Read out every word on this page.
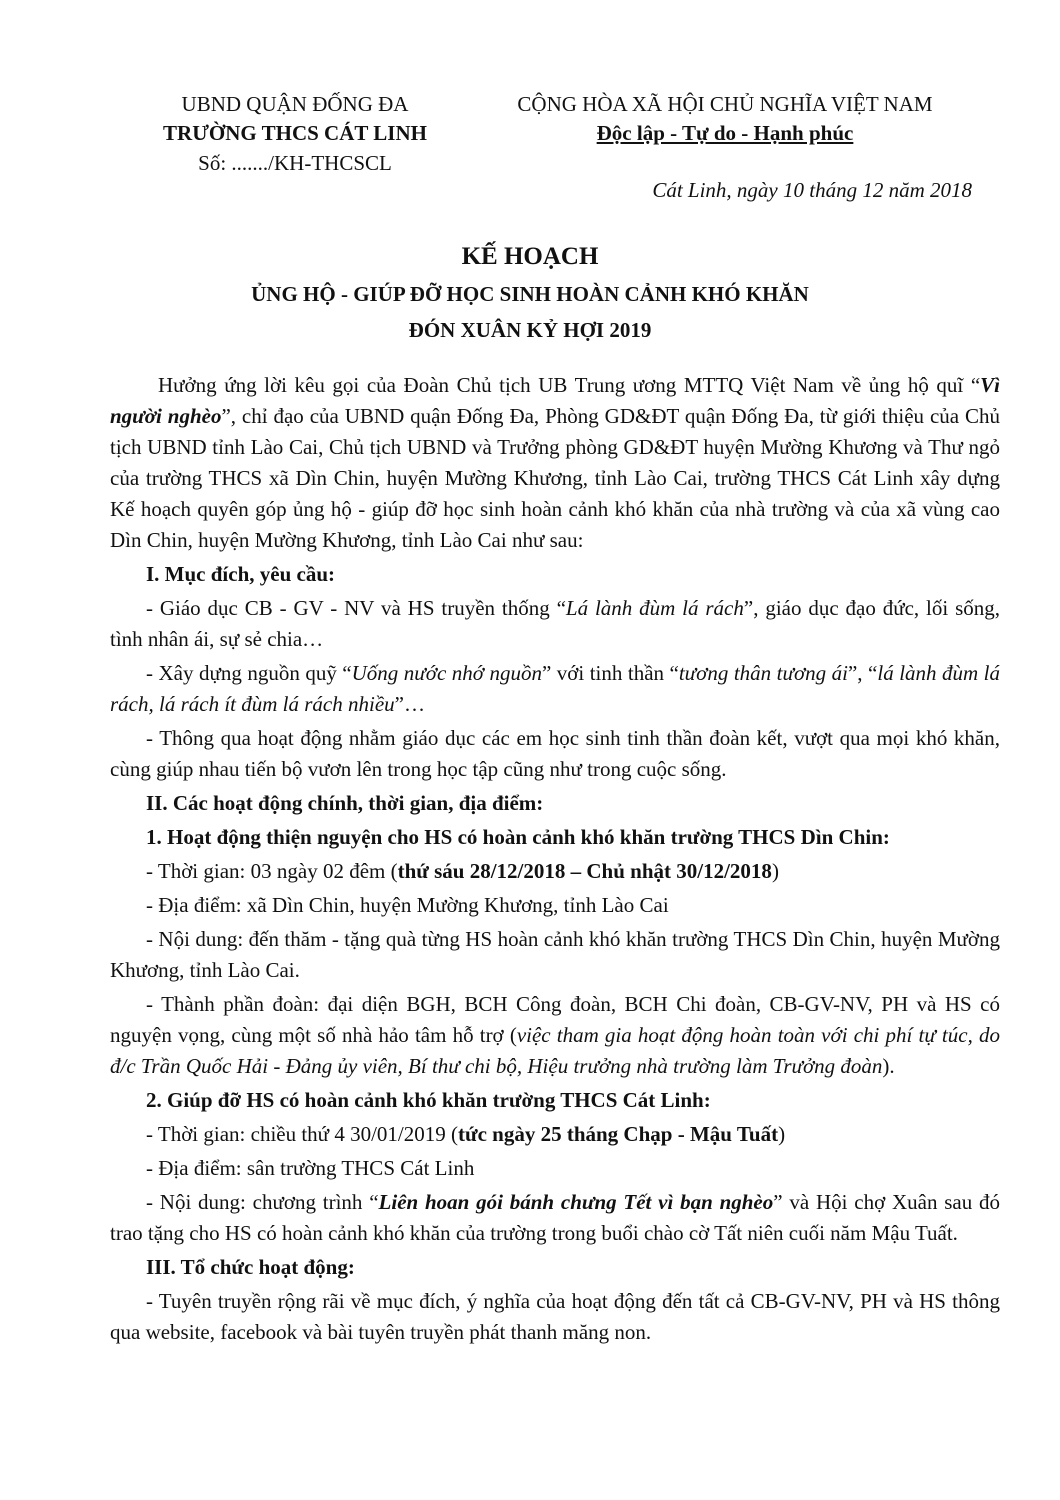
UBND QUẬN ĐỐNG ĐA
TRƯỜNG THCS CÁT LINH
Số: ......./KH-THCSCL
CỘNG HÒA XÃ HỘI CHỦ NGHĨA VIỆT NAM
Độc lập - Tự do - Hạnh phúc
Cát Linh, ngày 10 tháng 12 năm 2018
KẾ HOẠCH
ỦNG HỘ - GIÚP ĐỠ HỌC SINH HOÀN CẢNH KHÓ KHĂN
ĐÓN XUÂN KỶ HỢI 2019

Hưởng ứng lời kêu gọi của Đoàn Chủ tịch UB Trung ương MTTQ Việt Nam về ủng hộ quĩ “Vì người nghèo”, chỉ đạo của UBND quận Đống Đa, Phòng GD&ĐT quận Đống Đa, từ giới thiệu của Chủ tịch UBND tỉnh Lào Cai, Chủ tịch UBND và Trưởng phòng GD&ĐT huyện Mường Khương và Thư ngỏ của trường THCS xã Dìn Chin, huyện Mường Khương, tỉnh Lào Cai, trường THCS Cát Linh xây dựng Kế hoạch quyên góp ủng hộ - giúp đỡ học sinh hoàn cảnh khó khăn của nhà trường và của xã vùng cao Dìn Chin, huyện Mường Khương, tỉnh Lào Cai như sau:

I. Mục đích, yêu cầu:

- Giáo dục CB - GV - NV và HS truyền thống “Lá lành đùm lá rách”, giáo dục đạo đức, lối sống, tình nhân ái, sự sẻ chia…

- Xây dựng nguồn quỹ “Uống nước nhớ nguồn” với tinh thần “tương thân tương ái”, “lá lành đùm lá rách, lá rách ít đùm lá rách nhiều”…

- Thông qua hoạt động nhằm giáo dục các em học sinh tinh thần đoàn kết, vượt qua mọi khó khăn, cùng giúp nhau tiến bộ vươn lên trong học tập cũng như trong cuộc sống.

II. Các hoạt động chính, thời gian, địa điểm:

1. Hoạt động thiện nguyện cho HS có hoàn cảnh khó khăn trường THCS Dìn Chin:

- Thời gian: 03 ngày 02 đêm (thứ sáu 28/12/2018 – Chủ nhật 30/12/2018)

- Địa điểm: xã Dìn Chin, huyện Mường Khương, tỉnh Lào Cai

- Nội dung: đến thăm - tặng quà từng HS hoàn cảnh khó khăn trường THCS Dìn Chin, huyện Mường Khương, tỉnh Lào Cai.

- Thành phần đoàn: đại diện BGH, BCH Công đoàn, BCH Chi đoàn, CB-GV-NV, PH và HS có nguyện vọng, cùng một số nhà hảo tâm hỗ trợ (việc tham gia hoạt động hoàn toàn với chi phí tự túc, do đ/c Trần Quốc Hải - Đảng ủy viên, Bí thư chi bộ, Hiệu trưởng nhà trường làm Trưởng đoàn).

2. Giúp đỡ HS có hoàn cảnh khó khăn trường THCS Cát Linh:

- Thời gian: chiều thứ 4 30/01/2019 (tức ngày 25 tháng Chạp - Mậu Tuất)

- Địa điểm: sân trường THCS Cát Linh

- Nội dung: chương trình “Liên hoan gói bánh chưng Tết vì bạn nghèo” và Hội chợ Xuân sau đó trao tặng cho HS có hoàn cảnh khó khăn của trường trong buổi chào cờ Tất niên cuối năm Mậu Tuất.

III. Tổ chức hoạt động:

- Tuyên truyền rộng rãi về mục đích, ý nghĩa của hoạt động đến tất cả CB-GV-NV, PH và HS thông qua website, facebook và bài tuyên truyền phát thanh măng non.
